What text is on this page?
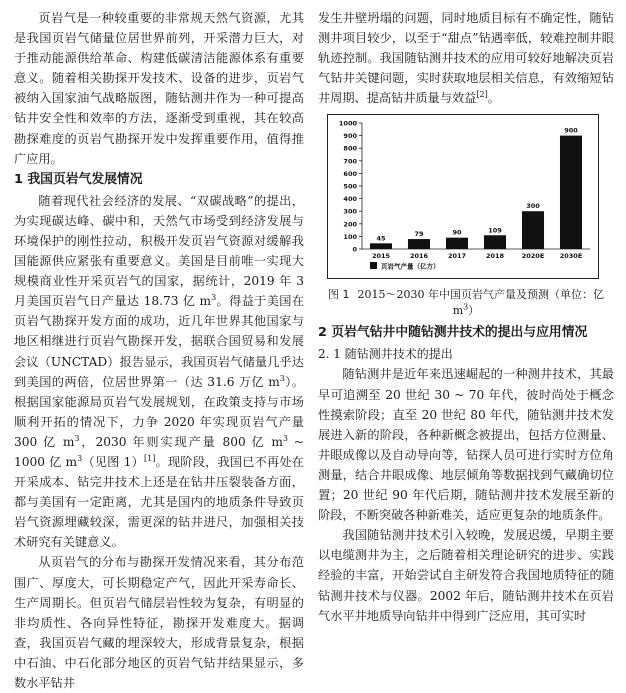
页岩气是一种较重要的非常规天然气资源，尤其是我国页岩气储量位居世界前列，开采潜力巨大，对于推动能源供给革命、构建低碳清洁能源体系有重要意义。随着相关勘探开发技术、设备的进步，页岩气被纳入国家油气战略版图，随钻测井作为一种可提高钻井安全性和效率的方法，逐渐受到重视，其在较高勘探难度的页岩气勘探开发中发挥重要作用，值得推广应用。

1 我国页岩气发展情况

随着现代社会经济的发展、“双碳战略”的提出，为实现碳达峰、碳中和，天然气市场受到经济发展与环境保护的刚性拉动，积极开发页岩气资源对缓解我国能源供应紧张有重要意义。美国是目前唯一实现大规模商业性开采页岩气的国家，据统计，2019 年 3 月美国页岩气日产量达 18.73 亿 $m^3$。得益于美国在页岩气勘探开发方面的成功，近几年世界其他国家与地区相继进行页岩气勘探开发，据联合国贸易和发展会议（UNCTAD）报告显示，我国页岩气储量几乎达到美国的两倍，位居世界第一（达 31.6 万亿 $m^3$）。根据国家能源局页岩气发展规划，在政策支持与市场顺利开拓的情况下，力争 2020 年实现页岩气产量 300 亿 $m^3$，2030 年则实现产量 800 亿 $m^3$ ~ 1000 亿 $m^3$（见图 1）[1]。现阶段，我国已不再处在开采成本、钻完井技术上还是在钻井压裂装备方面，都与美国有一定距离，尤其是国内的地质条件导致页岩气资源埋藏较深，需更深的钻井进尺，加强相关技术研究有关键意义。

从页岩气的分布与勘探开发情况来看，其分布范围广、厚度大，可长期稳定产气，因此开采寿命长、生产周期长。但页岩气储层岩性较为复杂，有明显的非均质性、各向异性特征，勘探开发难度大。据调查，我国页岩气藏的埋深较大，形成背景复杂，根据中石油、中石化部分地区的页岩气钻井结果显示，多数水平钻井

发生井壁坍塌的问题，同时地质目标有不确定性，随钻测井项目较少，以至于“甜点”钻遇率低，较难控制井眼轨迹控制。我国随钻测井技术的应用可较好地解决页岩气钻井关键问题，实时获取地层相关信息，有效缩短钻井周期、提高钻井质量与效益[2]。

0
100
200
300
400
500
600
700
800
900
1000
45
2015
79
2016
90
2017
109
2018
300
2020E
900
2030E
页岩气产量（亿方）
图 1 2015～2030 年中国页岩气产量及预测（单位：亿 $m^3$）
2 页岩气钻井中随钻测井技术的提出与应用情况
2. 1 随钻测井技术的提出

随钻测井是近年来迅速崛起的一种测井技术，其最早可追溯至 20 世纪 30 ~ 70 年代，彼时尚处于概念性摸索阶段；直至 20 世纪 80 年代，随钻测井技术发展进入新的阶段，各种新概念被提出，包括方位测量、井眼成像以及自动导向等，钻探人员可进行实时方位角测量，结合井眼成像、地层倾角等数据找到气藏确切位置；20 世纪 90 年代后期，随钻测井技术发展至新的阶段，不断突破各种新难关，适应更复杂的地质条件。

我国随钻测井技术引入较晚，发展迟缓，早期主要以电缆测井为主，之后随着相关理论研究的进步、实践经验的丰富，开始尝试自主研发符合我国地质特征的随钻测井技术与仪器。2002 年后，随钻测井技术在页岩气水平井地质导向钻井中得到广泛应用，其可实时
